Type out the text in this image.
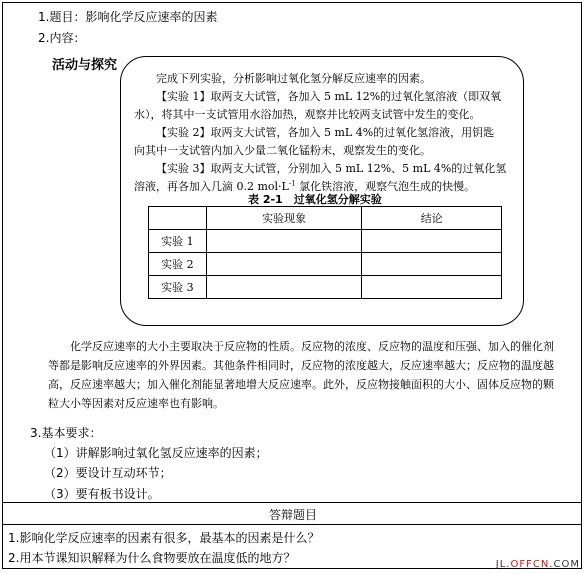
1.题目：影响化学反应速率的因素
2.内容：
活动与探究
完成下列实验，分析影响过氧化氢分解反应速率的因素。
【实验 1】取两支大试管，各加入 5 mL 12%的过氧化氢溶液（即双氧
水），将其中一支试管用水浴加热，观察并比较两支试管中发生的变化。
【实验 2】取两支大试管，各加入 5 mL 4%的过氧化氢溶液，用钥匙
向其中一支试管内加入少量二氧化锰粉末，观察发生的变化。
【实验 3】取两支大试管，分别加入 5 mL 12%、5 mL 4%的过氧化氢
溶液，再各加入几滴 0.2 $mol\cdot L^{-1}$ 氯化铁溶液，观察气泡生成的快慢。
表 2-1　过氧化氢分解实验
	实验现象	结论
实验 1		
实验 2		
实验 3		
化学反应速率的大小主要取决于反应物的性质。反应物的浓度、反应物的温度和压强、加入的催化剂等都是影响反应速率的外界因素。其他条件相同时，反应物的浓度越大，反应速率越大；反应物的温度越高，反应速率越大；加入催化剂能显著地增大反应速率。此外，反应物接触面积的大小、固体反应物的颗粒大小等因素对反应速率也有影响。
3.基本要求：
（1）讲解影响过氧化氢反应速率的因素；
（2）要设计互动环节；
（3）要有板书设计。
答辩题目
1.影响化学反应速率的因素有很多，最基本的因素是什么？
2.用本节课知识解释为什么食物要放在温度低的地方？	JL.OFFCN.COM
